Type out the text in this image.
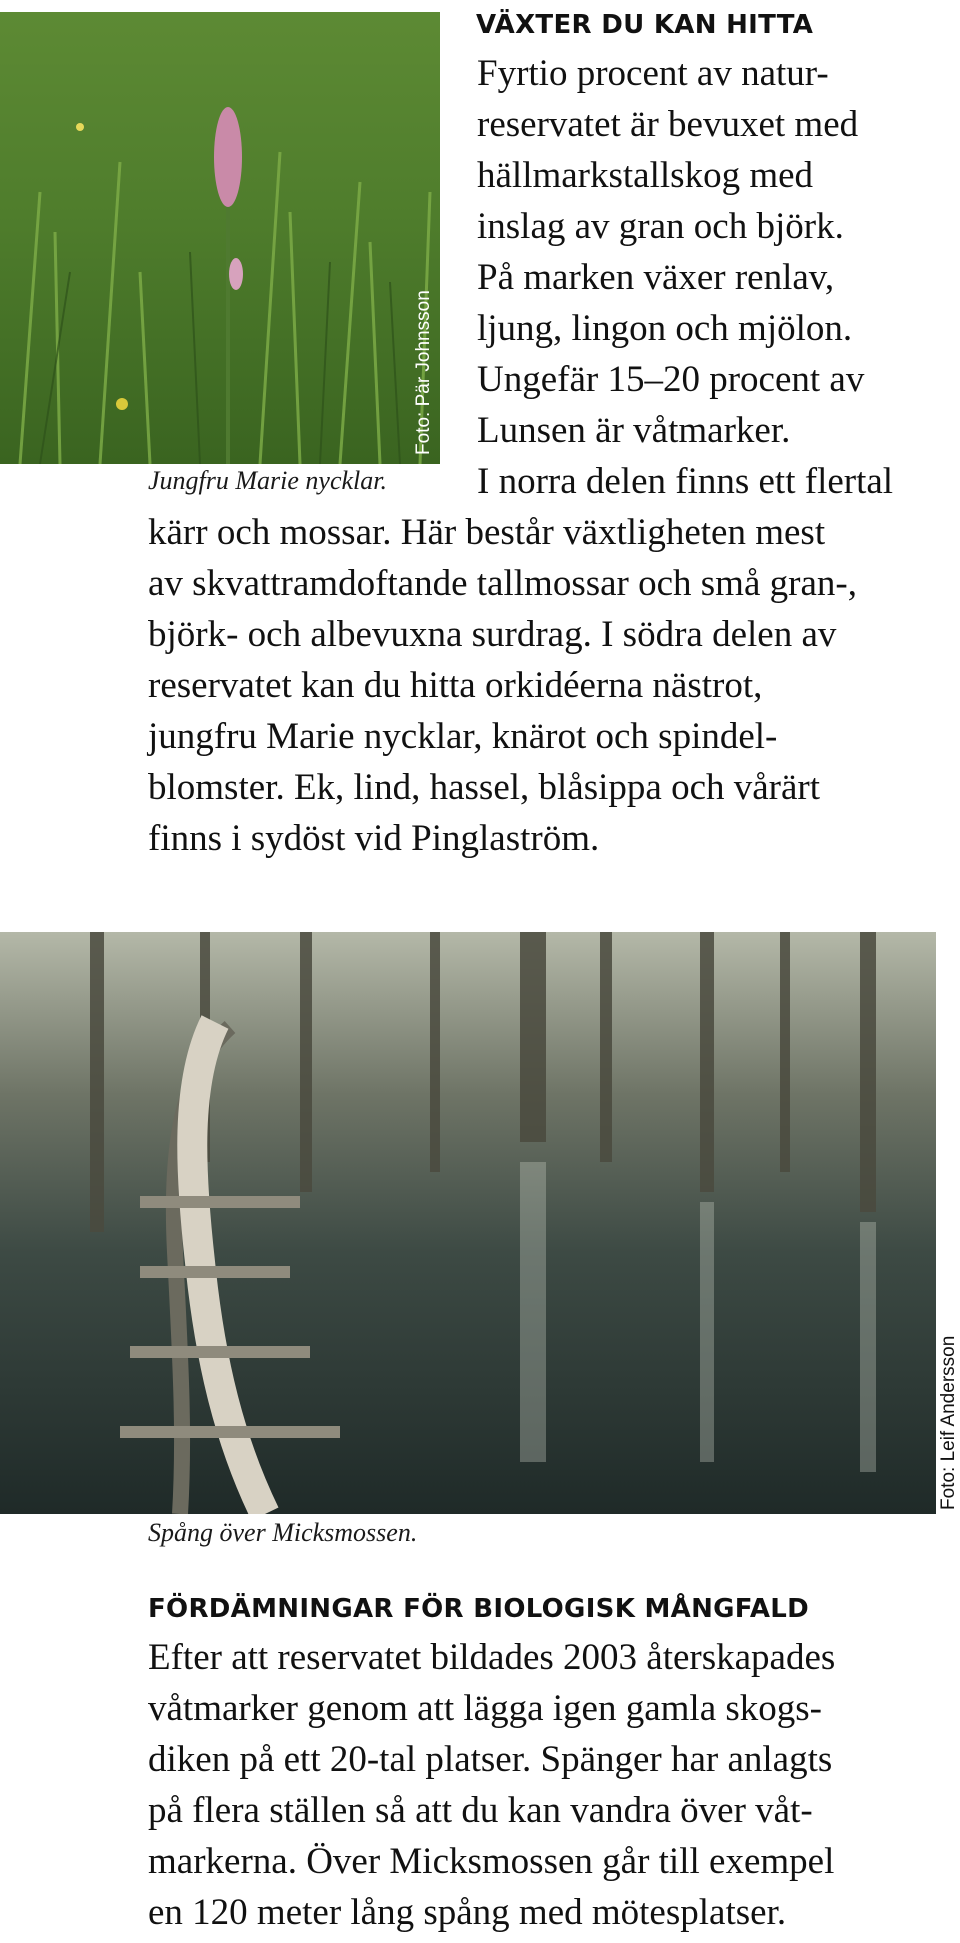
Foto: Pär Johnsson
Jungfru Marie nycklar.
VÄXTER DU KAN HITTA
Fyrtio procent av natur-
reservatet är bevuxet med
hällmarkstallskog med
inslag av gran och björk.
På marken växer renlav,
ljung, lingon och mjölon.
Ungefär 15–20 procent av
Lunsen är våtmarker.
I norra delen finns ett flertal
kärr och mossar. Här består växtligheten mest
av skvattramdoftande tallmossar och små gran-,
björk- och albevuxna surdrag. I södra delen av
reservatet kan du hitta orkidéerna nästrot,
jungfru Marie nycklar, knärot och spindel-
blomster. Ek, lind, hassel, blåsippa och vårärt
finns i sydöst vid Pinglaström.
Foto: Leif Andersson
Spång över Micksmossen.
FÖRDÄMNINGAR FÖR BIOLOGISK MÅNGFALD
Efter att reservatet bildades 2003 återskapades
våtmarker genom att lägga igen gamla skogs-
diken på ett 20-tal platser. Spänger har anlagts
på flera ställen så att du kan vandra över våt-
markerna. Över Micksmossen går till exempel
en 120 meter lång spång med mötesplatser.
